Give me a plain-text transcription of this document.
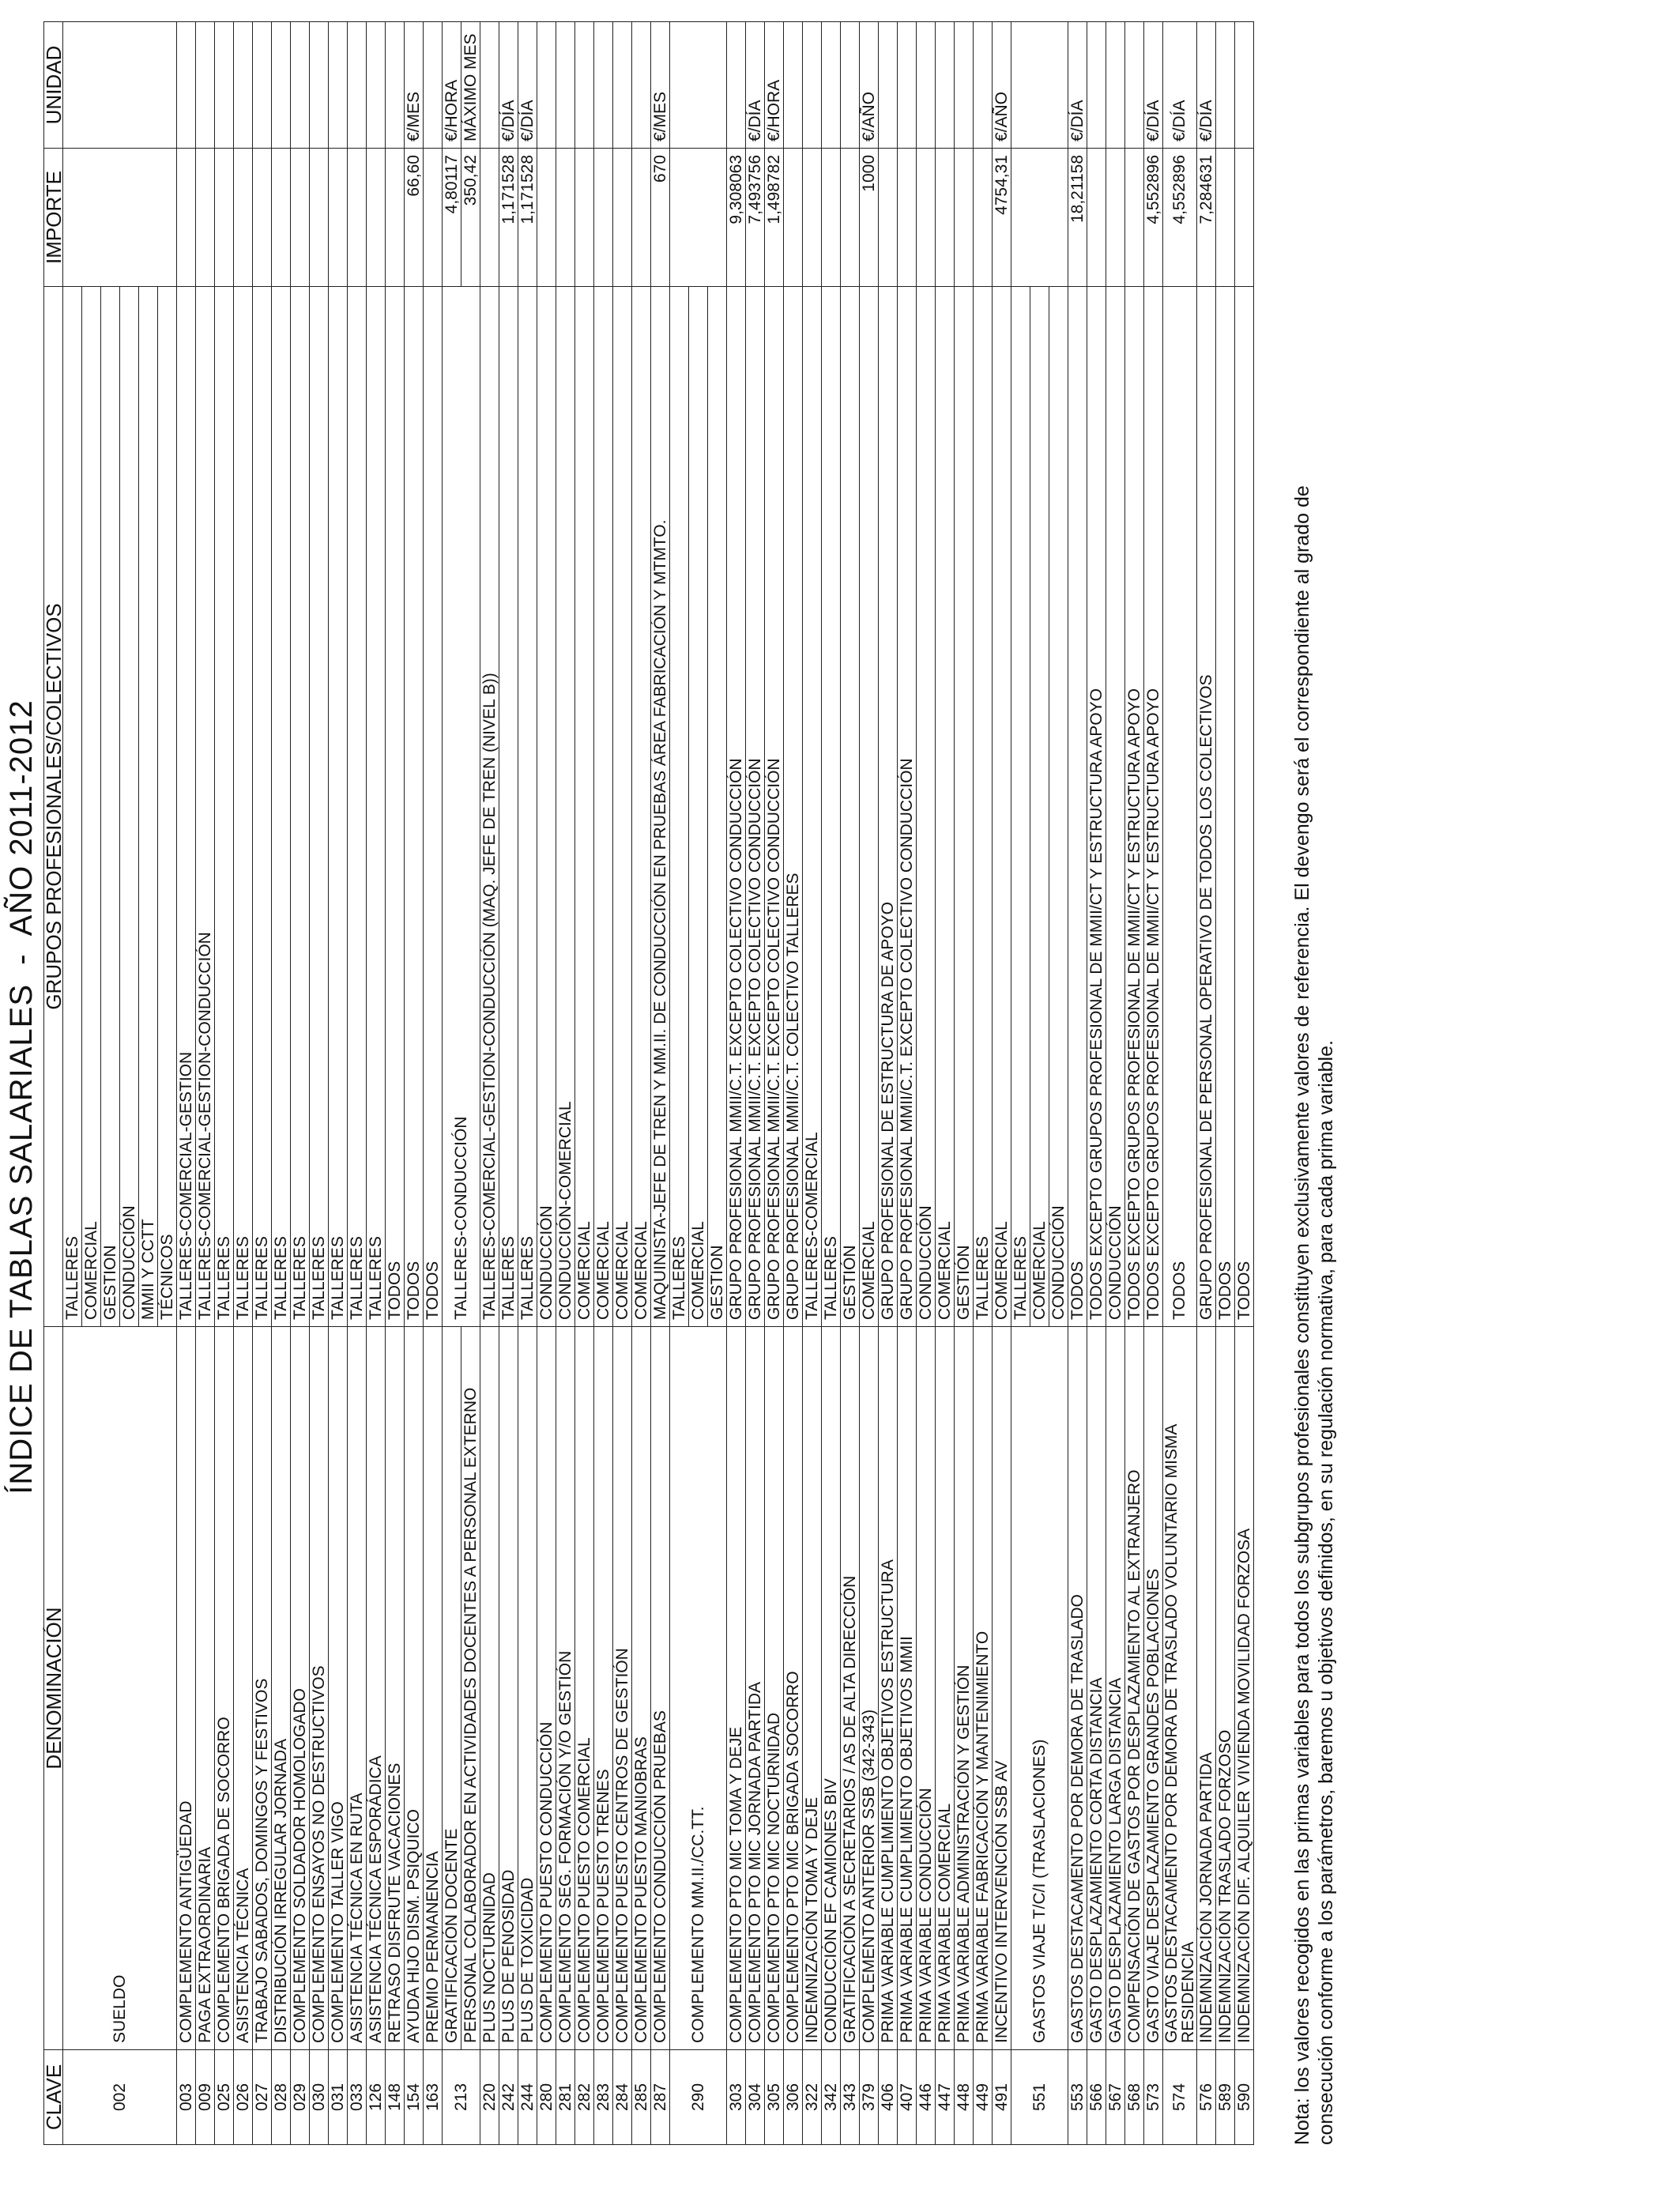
ÍNDICE DE TABLAS SALARIALES  -  AÑO 2011-2012
CLAVE	DENOMINACIÓN	GRUPOS PROFESIONALES/COLECTIVOS	IMPORTE	UNIDAD
002	SUELDO	TALLERES		
		COMERCIAL		
		GESTION		
		CONDUCCIÓN		
		MMII Y CCTT		
		TÉCNICOS		
003	COMPLEMENTO ANTIGÜEDAD	TALLERES-COMERCIAL-GESTION		
009	PAGA EXTRAORDINARIA	TALLERES-COMERCIAL-GESTION-CONDUCCIÓN		
025	COMPLEMENTO BRIGADA DE SOCORRO	TALLERES		
026	ASISTENCIA TÉCNICA	TALLERES		
027	TRABAJO SABADOS, DOMINGOS Y FESTIVOS	TALLERES		
028	DISTRIBUCIÓN IRREGULAR JORNADA	TALLERES		
029	COMPLEMENTO SOLDADOR HOMOLOGADO	TALLERES		
030	COMPLEMENTO ENSAYOS NO DESTRUCTIVOS	TALLERES		
031	COMPLEMENTO TALLER VIGO	TALLERES		
033	ASISTENCIA TÉCNICA EN RUTA	TALLERES		
126	ASISTENCIA TÉCNICA ESPORÁDICA	TALLERES		
148	RETRASO DISFRUTE VACACIONES	TODOS		
154	AYUDA HIJO DISM. PSIQUICO	TODOS	66,60	€/MES
163	PREMIO PERMANENCIA	TODOS		
213	GRATIFICACIÓN DOCENTE	TALLERES-CONDUCCIÓN	4,80117	€/HORA
	PERSONAL COLABORADOR EN ACTIVIDADES DOCENTES A PERSONAL EXTERNO		350,42	MÁXIMO MES
220	PLUS NOCTURNIDAD	TALLERES-COMERCIAL-GESTION-CONDUCCIÓN (MAQ. JEFE DE TREN (NIVEL B))		
242	PLUS DE PENOSIDAD	TALLERES	1,171528	€/DÍA
244	PLUS DE TOXICIDAD	TALLERES	1,171528	€/DÍA
280	COMPLEMENTO PUESTO CONDUCCIÓN	CONDUCCIÓN		
281	COMPLEMENTO SEG. FORMACIÓN Y/O GESTIÓN	CONDUCCIÓN-COMERCIAL		
282	COMPLEMENTO PUESTO COMERCIAL	COMERCIAL		
283	COMPLEMENTO PUESTO TRENES	COMERCIAL		
284	COMPLEMENTO PUESTO CENTROS DE GESTIÓN	COMERCIAL		
285	COMPLEMENTO PUESTO MANIOBRAS	COMERCIAL		
287	COMPLEMENTO CONDUCCIÓN PRUEBAS	MAQUINISTA-JEFE DE TREN Y MM.II. DE CONDUCCIÓN EN PRUEBAS ÁREA FABRICACIÓN Y MTMTO.	670	€/MES
290	COMPLEMENTO MM.II./CC.TT.	TALLERES		
		COMERCIAL		
		GESTION		
303	COMPLEMENTO PTO MIC TOMA Y DEJE	GRUPO PROFESIONAL MMII/C.T. EXCEPTO COLECTIVO CONDUCCIÓN	9,308063	
304	COMPLEMENTO PTO MIC JORNADA PARTIDA	GRUPO PROFESIONAL MMII/C.T. EXCEPTO COLECTIVO CONDUCCIÓN	7,493756	€/DÍA
305	COMPLEMENTO PTO MIC NOCTURNIDAD	GRUPO PROFESIONAL MMII/C.T. EXCEPTO COLECTIVO CONDUCCIÓN	1,498782	€/HORA
306	COMPLEMENTO PTO MIC BRIGADA SOCORRO	GRUPO PROFESIONAL MMII/C.T. COLECTIVO TALLERES		
322	INDEMNIZACIÓN TOMA Y DEJE	TALLERES-COMERCIAL		
342	CONDUCCIÓN EF CAMIONES BIV	TALLERES		
343	GRATIFICACIÓN A SECRETARIOS / AS DE ALTA DIRECCIÓN	GESTIÓN		
379	COMPLEMENTO ANTERIOR SSB (342-343)	COMERCIAL	1000	€/AÑO
406	PRIMA VARIABLE CUMPLIMIENTO OBJETIVOS ESTRUCTURA	GRUPO PROFESIONAL DE ESTRUCTURA DE APOYO		
407	PRIMA VARIABLE CUMPLIMIENTO OBJETIVOS MMII	GRUPO PROFESIONAL MMII/C.T. EXCEPTO COLECTIVO CONDUCCIÓN		
446	PRIMA VARIABLE CONDUCCIÓN	CONDUCCIÓN		
447	PRIMA VARIABLE COMERCIAL	COMERCIAL		
448	PRIMA VARIABLE ADMINISTRACIÓN Y GESTIÓN	GESTIÓN		
449	PRIMA VARIABLE FABRICACIÓN Y MANTENIMIENTO	TALLERES		
491	INCENTIVO INTERVENCIÓN SSB AV	COMERCIAL	4754,31	€/AÑO
551	GASTOS VIAJE T/C/I (TRASLACIONES)	TALLERES		
		COMERCIAL		
		CONDUCCIÓN		
553	GASTOS DESTACAMENTO POR DEMORA DE TRASLADO	TODOS	18,21158	€/DÍA
566	GASTO DESPLAZAMIENTO CORTA DISTANCIA	TODOS EXCEPTO GRUPOS PROFESIONAL DE MMII/CT Y ESTRUCTURA APOYO		
567	GASTO DESPLAZAMIENTO LARGA DISTANCIA	CONDUCCIÓN		
568	COMPENSACIÓN DE GASTOS POR DESPLAZAMIENTO AL EXTRANJERO	TODOS EXCEPTO GRUPOS PROFESIONAL DE MMII/CT Y ESTRUCTURA APOYO		
573	GASTO VIAJE DESPLAZAMIENTO GRANDES POBLACIONES	TODOS EXCEPTO GRUPOS PROFESIONAL DE MMII/CT Y ESTRUCTURA APOYO	4,552896	€/DÍA
574	GASTOS DESTACAMENTO POR DEMORA DE TRASLADO VOLUNTARIO MISMA RESIDENCIA	TODOS	4,552896	€/DÍA
576	INDEMNIZACIÓN JORNADA PARTIDA	GRUPO PROFESIONAL DE PERSONAL OPERATIVO DE TODOS LOS COLECTIVOS	7,284631	€/DÍA
589	INDEMNIZACIÓN TRASLADO FORZOSO	TODOS		
590	INDEMNIZACIÓN DIF. ALQUILER VIVIENDA MOVILIDAD FORZOSA	TODOS		Nota: los valores recogidos en las primas variables para todos los subgrupos profesionales constituyen exclusivamente valores de referencia. El devengo será el correspondiente al grado de consecución conforme a los parámetros, baremos u objetivos definidos, en su regulación normativa, para cada prima variable.
